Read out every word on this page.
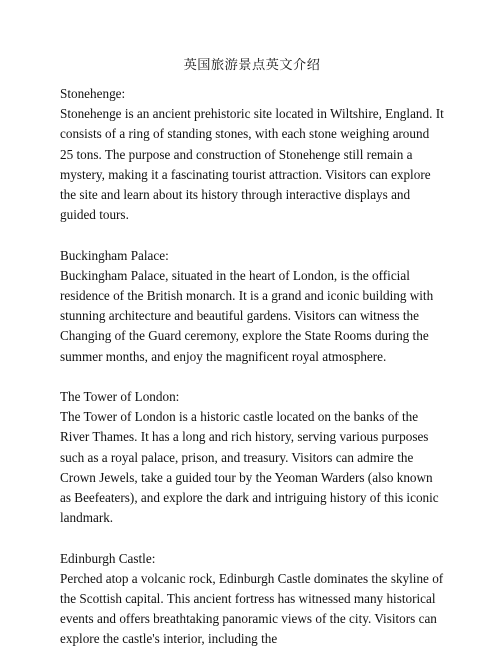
英国旅游景点英文介绍

Stonehenge:

Stonehenge is an ancient prehistoric site located in Wiltshire, England. It consists of a ring of standing stones, with each stone weighing around 25 tons. The purpose and construction of Stonehenge still remain a mystery, making it a fascinating tourist attraction. Visitors can explore the site and learn about its history through interactive displays and guided tours.

Buckingham Palace:

Buckingham Palace, situated in the heart of London, is the official residence of the British monarch. It is a grand and iconic building with stunning architecture and beautiful gardens. Visitors can witness the Changing of the Guard ceremony, explore the State Rooms during the summer months, and enjoy the magnificent royal atmosphere.

The Tower of London:

The Tower of London is a historic castle located on the banks of the River Thames. It has a long and rich history, serving various purposes such as a royal palace, prison, and treasury. Visitors can admire the Crown Jewels, take a guided tour by the Yeoman Warders (also known as Beefeaters), and explore the dark and intriguing history of this iconic landmark.

Edinburgh Castle:

Perched atop a volcanic rock, Edinburgh Castle dominates the skyline of the Scottish capital. This ancient fortress has witnessed many historical events and offers breathtaking panoramic views of the city. Visitors can explore the castle's interior, including the
